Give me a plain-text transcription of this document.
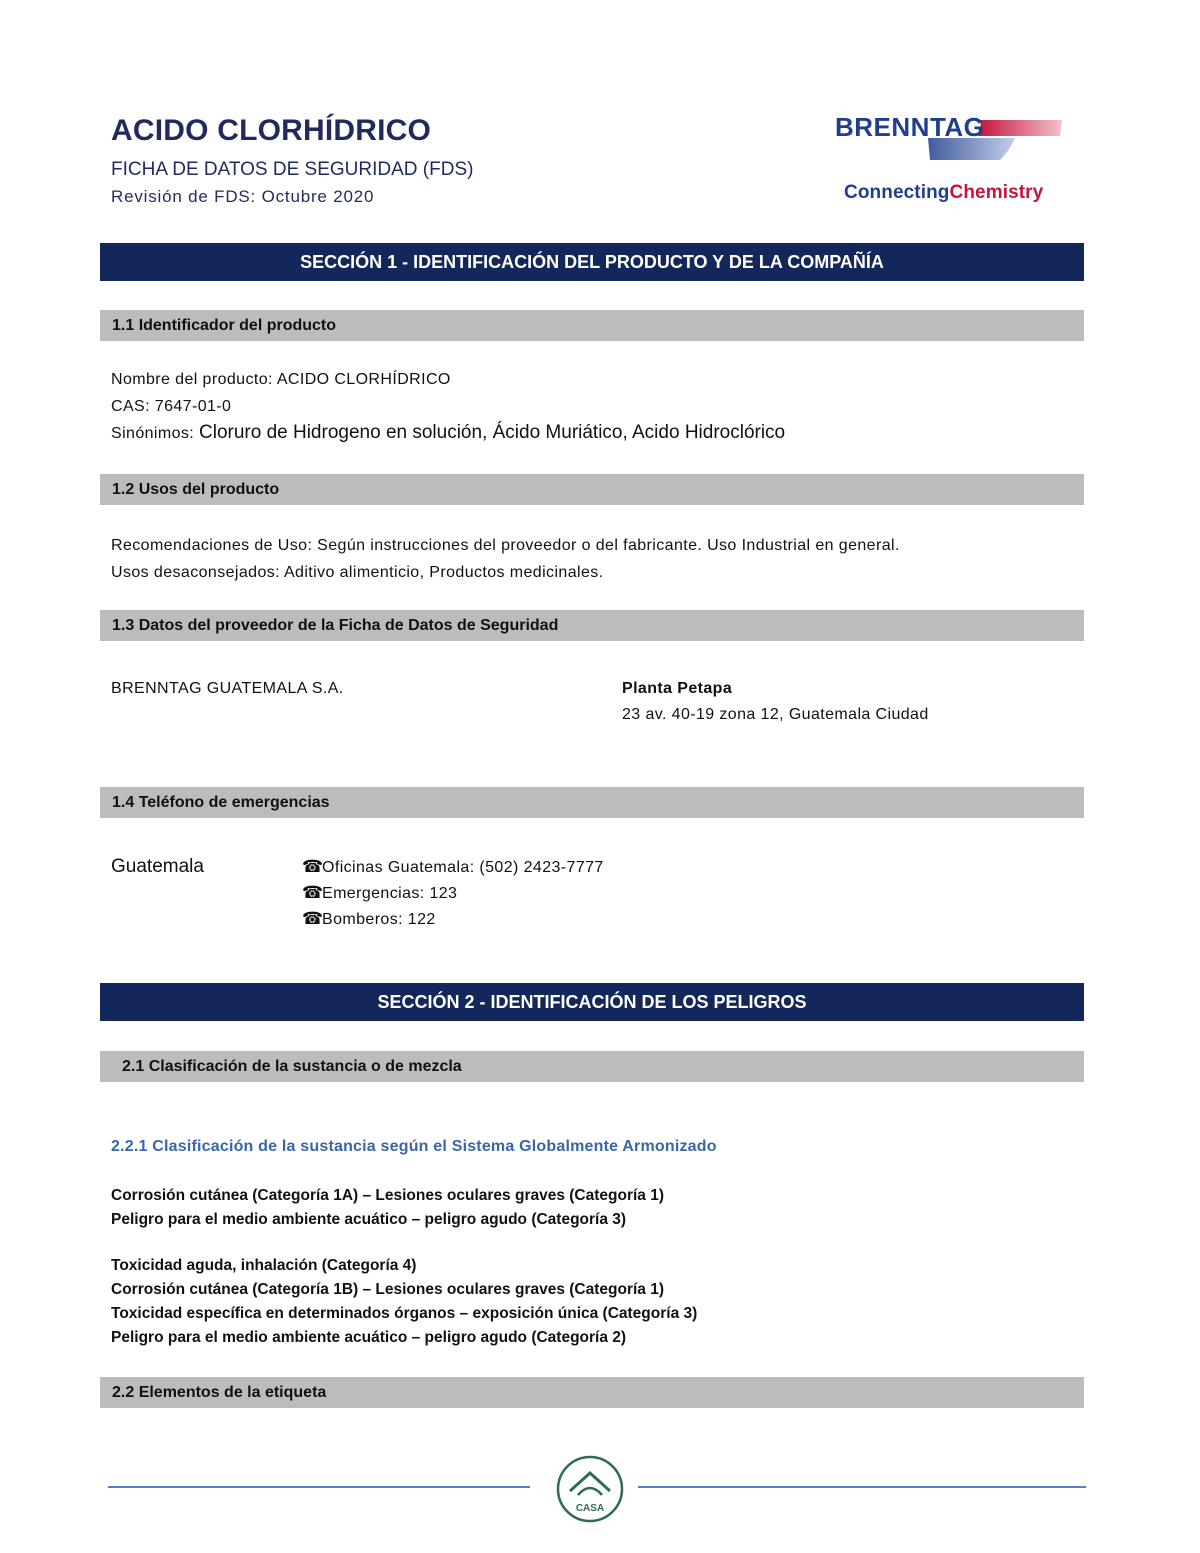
ACIDO CLORHÍDRICO
FICHA DE DATOS DE SEGURIDAD (FDS)
Revisión de FDS: Octubre 2020
BRENNTAG
ConnectingChemistry
SECCIÓN 1 - IDENTIFICACIÓN DEL PRODUCTO Y DE LA COMPAÑÍA
1.1 Identificador del producto
Nombre del producto: ACIDO CLORHÍDRICO
CAS: 7647-01-0
Sinónimos: Cloruro de Hidrogeno en solución, Ácido Muriático, Acido Hidroclórico
1.2 Usos del producto
Recomendaciones de Uso: Según instrucciones del proveedor o del fabricante. Uso Industrial en general.
Usos desaconsejados: Aditivo alimenticio, Productos medicinales.
1.3 Datos del proveedor de la Ficha de Datos de Seguridad
BRENNTAG GUATEMALA S.A.	Planta Petapa
23 av. 40-19 zona 12, Guatemala Ciudad
1.4 Teléfono de emergencias
Guatemala	☎Oficinas Guatemala: (502) 2423-7777
☎Emergencias: 123
☎Bomberos: 122
SECCIÓN 2 - IDENTIFICACIÓN DE LOS PELIGROS
2.1 Clasificación de la sustancia o de mezcla
2.2.1 Clasificación de la sustancia según el Sistema Globalmente Armonizado
Corrosión cutánea (Categoría 1A) – Lesiones oculares graves (Categoría 1)
Peligro para el medio ambiente acuático – peligro agudo (Categoría 3)
Toxicidad aguda, inhalación (Categoría 4)
Corrosión cutánea (Categoría 1B) – Lesiones oculares graves (Categoría 1)
Toxicidad específica en determinados órganos – exposición única (Categoría 3)
Peligro para el medio ambiente acuático – peligro agudo (Categoría 2)
2.2 Elementos de la etiqueta
CASA
